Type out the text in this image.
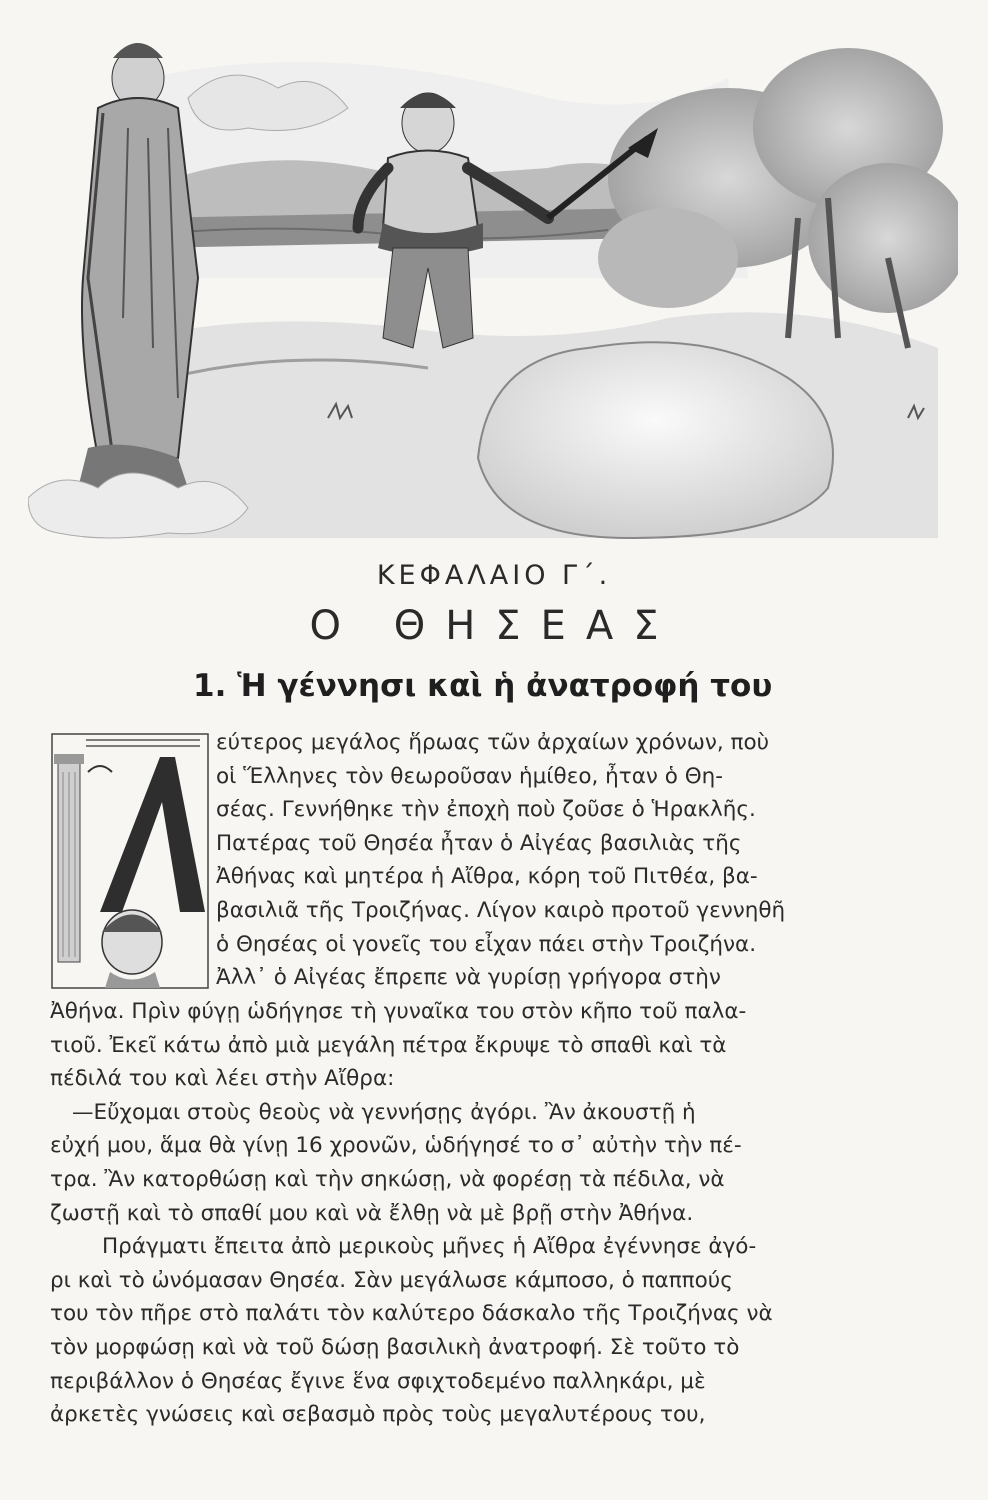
ΚΕΦΑΛΑΙΟ Γ΄.
Ο ΘΗΣΕΑΣ
1. Ἡ γέννησι καὶ ἡ ἀνατροφή του
εύτερος μεγάλος ἥρωας τῶν ἀρχαίων χρόνων, ποὺ
οἱ Ἕλληνες τὸν θεωροῦσαν ἡμίθεο, ἦταν ὁ Θη-
σέας. Γεννήθηκε τὴν ἐποχὴ ποὺ ζοῦσε ὁ Ἡρακλῆς.
Πατέρας τοῦ Θησέα ἦταν ὁ Αἰγέας βασιλιὰς τῆς
Ἀθήνας καὶ μητέρα ἡ Αἴθρα, κόρη τοῦ Πιτθέα, βα-
βασιλιᾶ τῆς Τροιζήνας. Λίγον καιρὸ προτοῦ γεννηθῆ
ὁ Θησέας οἱ γονεῖς του εἶχαν πάει στὴν Τροιζήνα.
Ἀλλ᾽ ὁ Αἰγέας ἔπρεπε νὰ γυρίσῃ γρήγορα στὴν
Ἀθήνα. Πρὶν φύγῃ ὡδήγησε τὴ γυναῖκα του στὸν κῆπο τοῦ παλα-
τιοῦ. Ἐκεῖ κάτω ἀπὸ μιὰ μεγάλη πέτρα ἔκρυψε τὸ σπαθὶ καὶ τὰ
πέδιλά του καὶ λέει στὴν Αἴθρα:
—Εὔχομαι στοὺς θεοὺς νὰ γεννήσῃς ἀγόρι. Ἂν ἀκουστῇ ἡ
εὐχή μου, ἅμα θὰ γίνῃ 16 χρονῶν, ὡδήγησέ το σ᾽ αὐτὴν τὴν πέ-
τρα. Ἂν κατορθώσῃ καὶ τὴν σηκώσῃ, νὰ φορέσῃ τὰ πέδιλα, νὰ
ζωστῇ καὶ τὸ σπαθί μου καὶ νὰ ἔλθῃ νὰ μὲ βρῇ στὴν Ἀθήνα.
Πράγματι ἔπειτα ἀπὸ μερικοὺς μῆνες ἡ Αἴθρα ἐγέννησε ἀγό-
ρι καὶ τὸ ὠνόμασαν Θησέα. Σὰν μεγάλωσε κάμποσο, ὁ παππούς
του τὸν πῆρε στὸ παλάτι τὸν καλύτερο δάσκαλο τῆς Τροιζήνας νὰ
τὸν μορφώσῃ καὶ νὰ τοῦ δώσῃ βασιλικὴ ἀνατροφή. Σὲ τοῦτο τὸ
περιβάλλον ὁ Θησέας ἔγινε ἕνα σφιχτοδεμένο παλληκάρι, μὲ
ἀρκετὲς γνώσεις καὶ σεβασμὸ πρὸς τοὺς μεγαλυτέρους του,
